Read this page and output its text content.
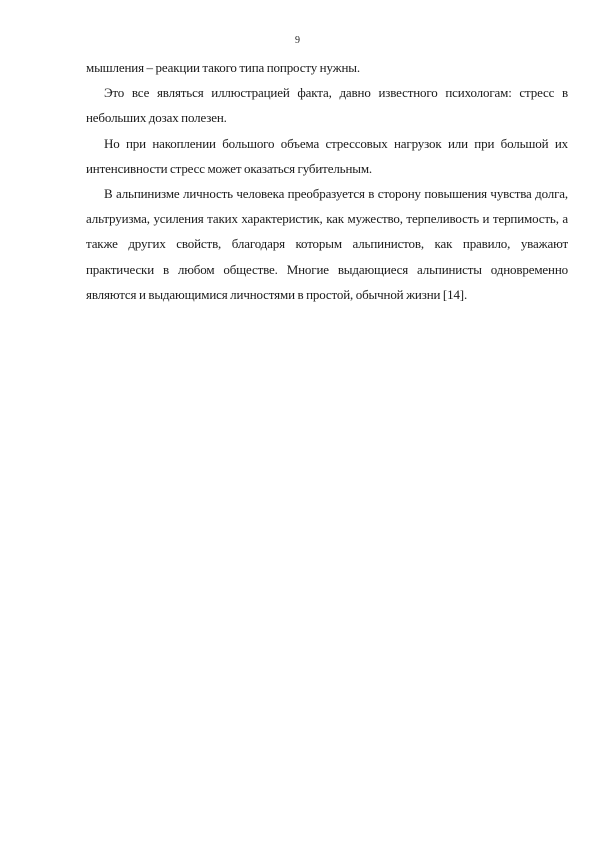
9

мышления – реакции такого типа попросту нужны.

Это все являться иллюстрацией факта, давно известного психологам: стресс в небольших дозах полезен.

Но при накоплении большого объема стрессовых нагрузок или при большой их интенсивности стресс может оказаться губительным.

В альпинизме личность человека преобразуется в сторону повышения чувства долга, альтруизма, усиления таких характеристик, как мужество, терпеливость и терпимость, а также других свойств, благодаря которым альпинистов, как правило, уважают практически в любом обществе. Многие выдающиеся альпинисты одновременно являются и выдающимися личностями в простой, обычной жизни [14].
